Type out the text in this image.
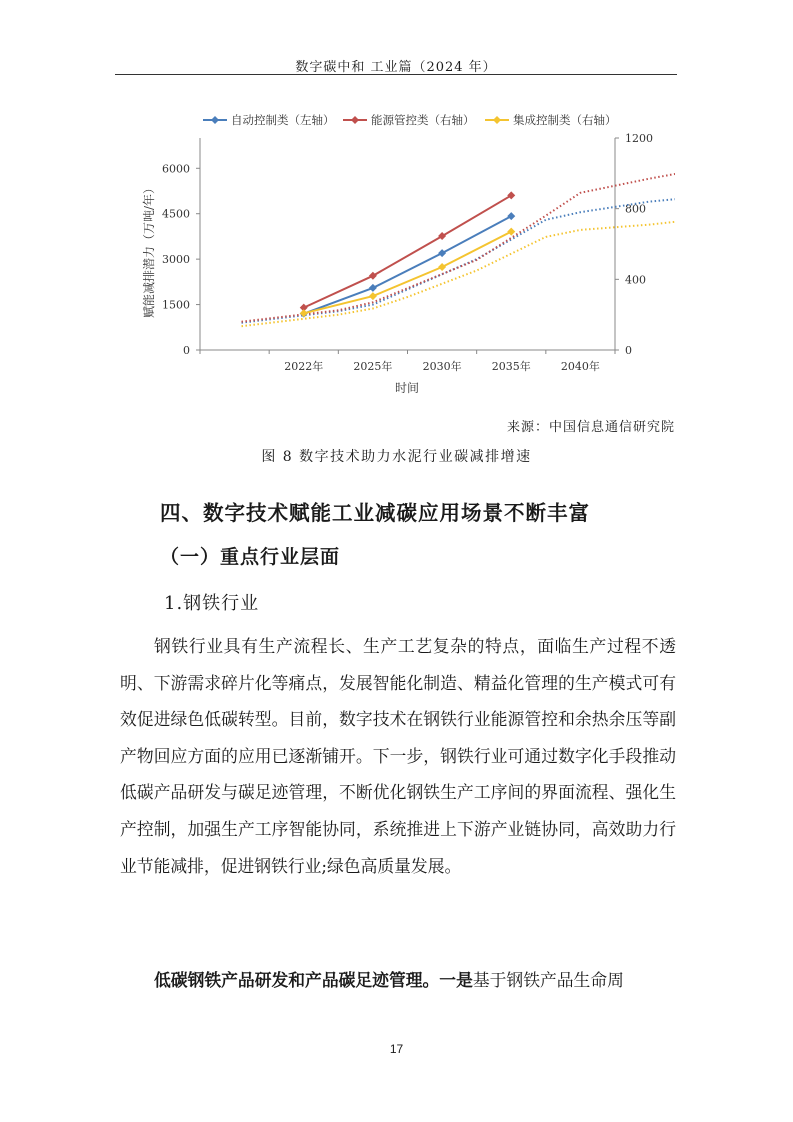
数字碳中和 工业篇（2024 年）
自动控制类（左轴）	能源管控类（右轴）	集成控制类（右轴）
赋能减排潜力（万吨/年）
0
1500
3000
4500
6000
0
400
800
1200
2022年	2025年	2030年	2035年	2040年
时间
来源：中国信息通信研究院
图 8 数字技术助力水泥行业碳减排增速
四、数字技术赋能工业减碳应用场景不断丰富
（一）重点行业层面
1.钢铁行业

钢铁行业具有生产流程长、生产工艺复杂的特点，面临生产过程不透明、下游需求碎片化等痛点，发展智能化制造、精益化管理的生产模式可有效促进绿色低碳转型。目前，数字技术在钢铁行业能源管控和余热余压等副产物回应方面的应用已逐渐铺开。下一步，钢铁行业可通过数字化手段推动低碳产品研发与碳足迹管理，不断优化钢铁生产工序间的界面流程、强化生产控制，加强生产工序智能协同，系统推进上下游产业链协同，高效助力行业节能减排，促进钢铁行业;绿色高质量发展。

低碳钢铁产品研发和产品碳足迹管理。一是基于钢铁产品生命周

17
